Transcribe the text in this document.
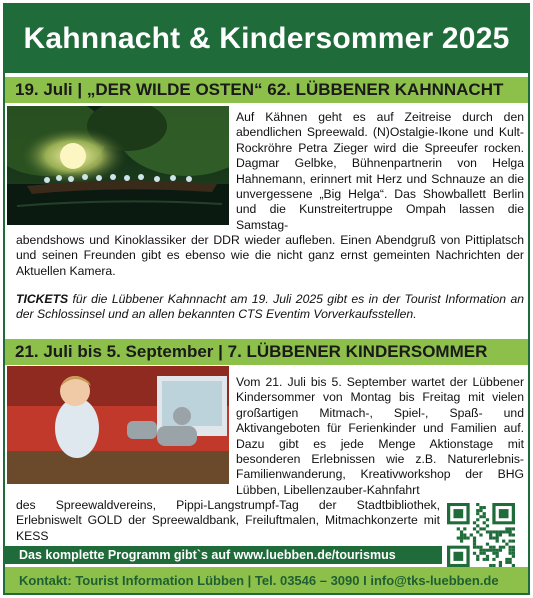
Kahnnacht & Kindersommer 2025
19. Juli | „DER WILDE OSTEN“ 62. LÜBBENER KAHNNACHT
Auf Kähnen geht es auf Zeitreise durch den abendlichen Spreewald. (N)Ostalgie-Ikone und Kult-Rockröhre Petra Zieger wird die Spreeufer rocken. Dagmar Gelbke, Bühnenpartnerin von Helga Hahnemann, erinnert mit Herz und Schnauze an die unvergessene „Big Helga“. Das Showballett Berlin und die Kunstreitertruppe Ompah lassen die Samstag-
abendshows und Kinoklassiker der DDR wieder aufleben. Einen Abendgruß von Pittiplatsch und seinen Freunden gibt es ebenso wie die nicht ganz ernst gemeinten Nachrichten der Aktuellen Kamera.
TICKETS für die Lübbener Kahnnacht am 19. Juli 2025 gibt es in der Tourist Information an der Schlossinsel und an allen bekannten CTS Eventim Vorverkaufsstellen.
21. Juli bis 5. September | 7. LÜBBENER KINDERSOMMER
Vom 21. Juli bis 5. September wartet der Lübbener Kindersommer von Montag bis Freitag mit vielen großartigen Mitmach-, Spiel-, Spaß- und Aktivangeboten für Ferienkinder und Familien auf. Dazu gibt es jede Menge Aktionstage mit besonderen Erlebnissen wie z.B. Naturerlebnis-Familienwanderung, Kreativworkshop der BHG Lübben, Libellenzauber-Kahnfahrt
des Spreewaldvereins, Pippi-Langstrumpf-Tag der Stadtbibliothek, Erlebniswelt GOLD der Spreewaldbank, Freiluftmalen, Mitmachkonzerte mit KESS
Das komplette Programm gibt`s auf www.luebben.de/tourismus
Kontakt: Tourist Information Lübben | Tel. 03546 – 3090 I info@tks-luebben.de
